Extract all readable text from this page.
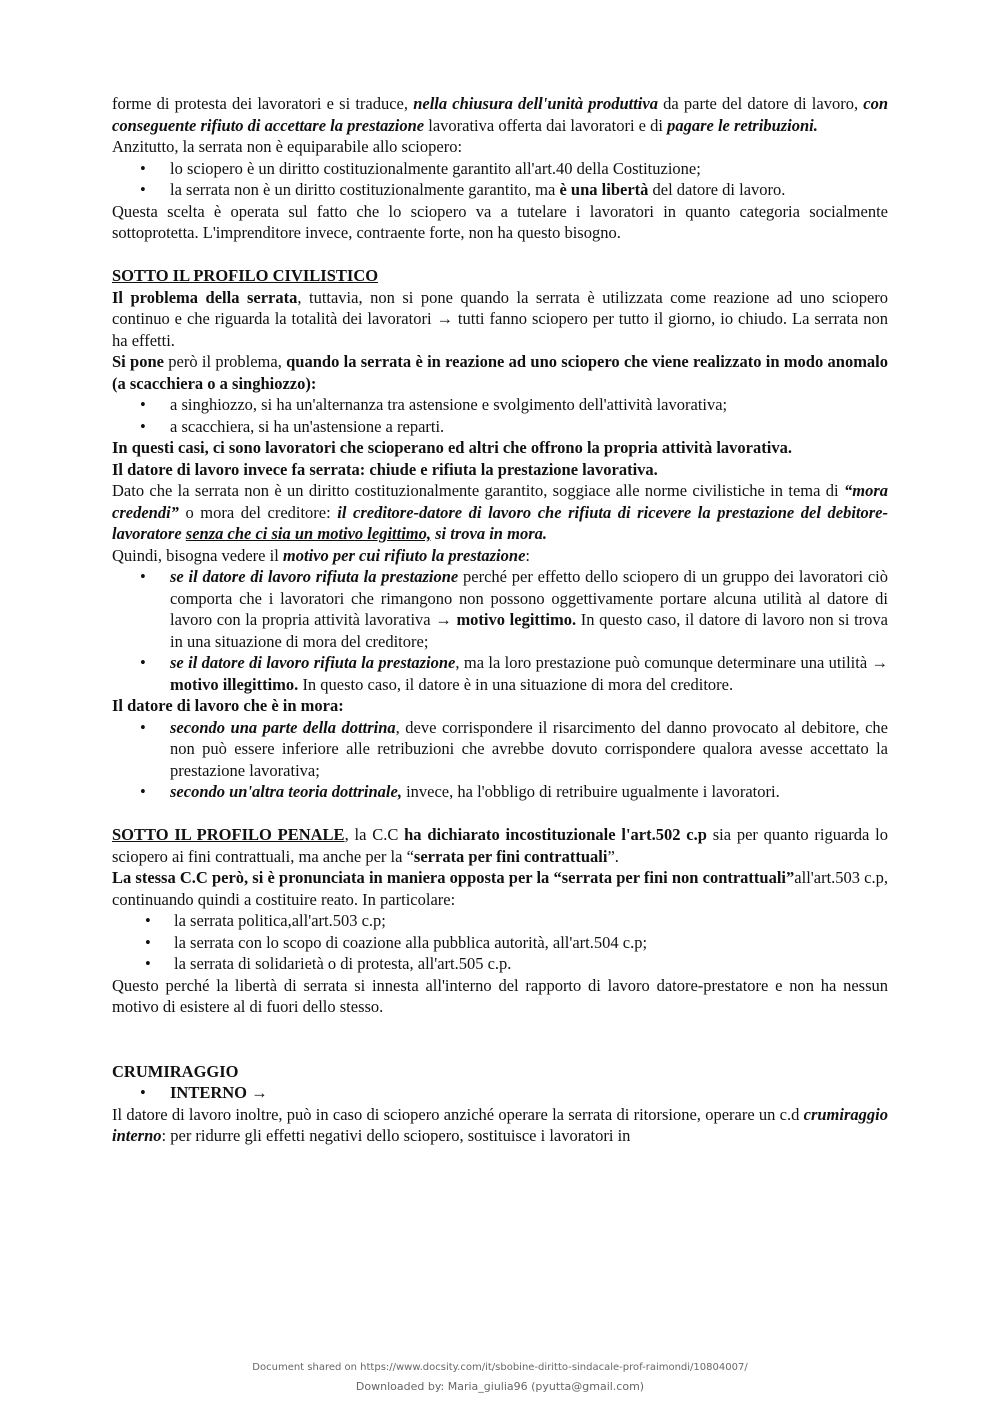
forme di protesta dei lavoratori e si traduce, nella chiusura dell'unità produttiva da parte del datore di lavoro, con conseguente rifiuto di accettare la prestazione lavorativa offerta dai lavoratori e di pagare le retribuzioni.

Anzitutto, la serrata non è equiparabile allo sciopero:

• lo sciopero è un diritto costituzionalmente garantito all'art.40 della Costituzione;
• la serrata non è un diritto costituzionalmente garantito, ma è una libertà del datore di lavoro.

Questa scelta è operata sul fatto che lo sciopero va a tutelare i lavoratori in quanto categoria socialmente sottoprotetta. L'imprenditore invece, contraente forte, non ha questo bisogno.

SOTTO IL PROFILO CIVILISTICO

Il problema della serrata, tuttavia, non si pone quando la serrata è utilizzata come reazione ad uno sciopero continuo e che riguarda la totalità dei lavoratori → tutti fanno sciopero per tutto il giorno, io chiudo. La serrata non ha effetti.

Si pone però il problema, quando la serrata è in reazione ad uno sciopero che viene realizzato in modo anomalo (a scacchiera o a singhiozzo):

• a singhiozzo, si ha un'alternanza tra astensione e svolgimento dell'attività lavorativa;
• a scacchiera, si ha un'astensione a reparti.

In questi casi, ci sono lavoratori che scioperano ed altri che offrono la propria attività lavorativa.

Il datore di lavoro invece fa serrata: chiude e rifiuta la prestazione lavorativa.

Dato che la serrata non è un diritto costituzionalmente garantito, soggiace alle norme civilistiche in tema di “mora credendi” o mora del creditore: il creditore-datore di lavoro che rifiuta di ricevere la prestazione del debitore-lavoratore senza che ci sia un motivo legittimo, si trova in mora.

Quindi, bisogna vedere il motivo per cui rifiuto la prestazione:

• se il datore di lavoro rifiuta la prestazione perché per effetto dello sciopero di un gruppo dei lavoratori ciò comporta che i lavoratori che rimangono non possono oggettivamente portare alcuna utilità al datore di lavoro con la propria attività lavorativa → motivo legittimo. In questo caso, il datore di lavoro non si trova in una situazione di mora del creditore;
• se il datore di lavoro rifiuta la prestazione, ma la loro prestazione può comunque determinare una utilità → motivo illegittimo. In questo caso, il datore è in una situazione di mora del creditore.

Il datore di lavoro che è in mora:

• secondo una parte della dottrina, deve corrispondere il risarcimento del danno provocato al debitore, che non può essere inferiore alle retribuzioni che avrebbe dovuto corrispondere qualora avesse accettato la prestazione lavorativa;
• secondo un'altra teoria dottrinale, invece, ha l'obbligo di retribuire ugualmente i lavoratori.

SOTTO IL PROFILO PENALE, la C.C ha dichiarato incostituzionale l'art.502 c.p sia per quanto riguarda lo sciopero ai fini contrattuali, ma anche per la “serrata per fini contrattuali”.

La stessa C.C però, si è pronunciata in maniera opposta per la “serrata per fini non contrattuali”all'art.503 c.p, continuando quindi a costituire reato. In particolare:

• la serrata politica,all'art.503 c.p;
• la serrata con lo scopo di coazione alla pubblica autorità, all'art.504 c.p;
• la serrata di solidarietà o di protesta, all'art.505 c.p.

Questo perché la libertà di serrata si innesta all'interno del rapporto di lavoro datore-prestatore e non ha nessun motivo di esistere al di fuori dello stesso.

CRUMIRAGGIO

• INTERNO →

Il datore di lavoro inoltre, può in caso di sciopero anziché operare la serrata di ritorsione, operare un c.d crumiraggio interno: per ridurre gli effetti negativi dello sciopero, sostituisce i lavoratori in

Document shared on https://www.docsity.com/it/sbobine-diritto-sindacale-prof-raimondi/10804007/
Downloaded by: Maria_giulia96 (pyutta@gmail.com)
